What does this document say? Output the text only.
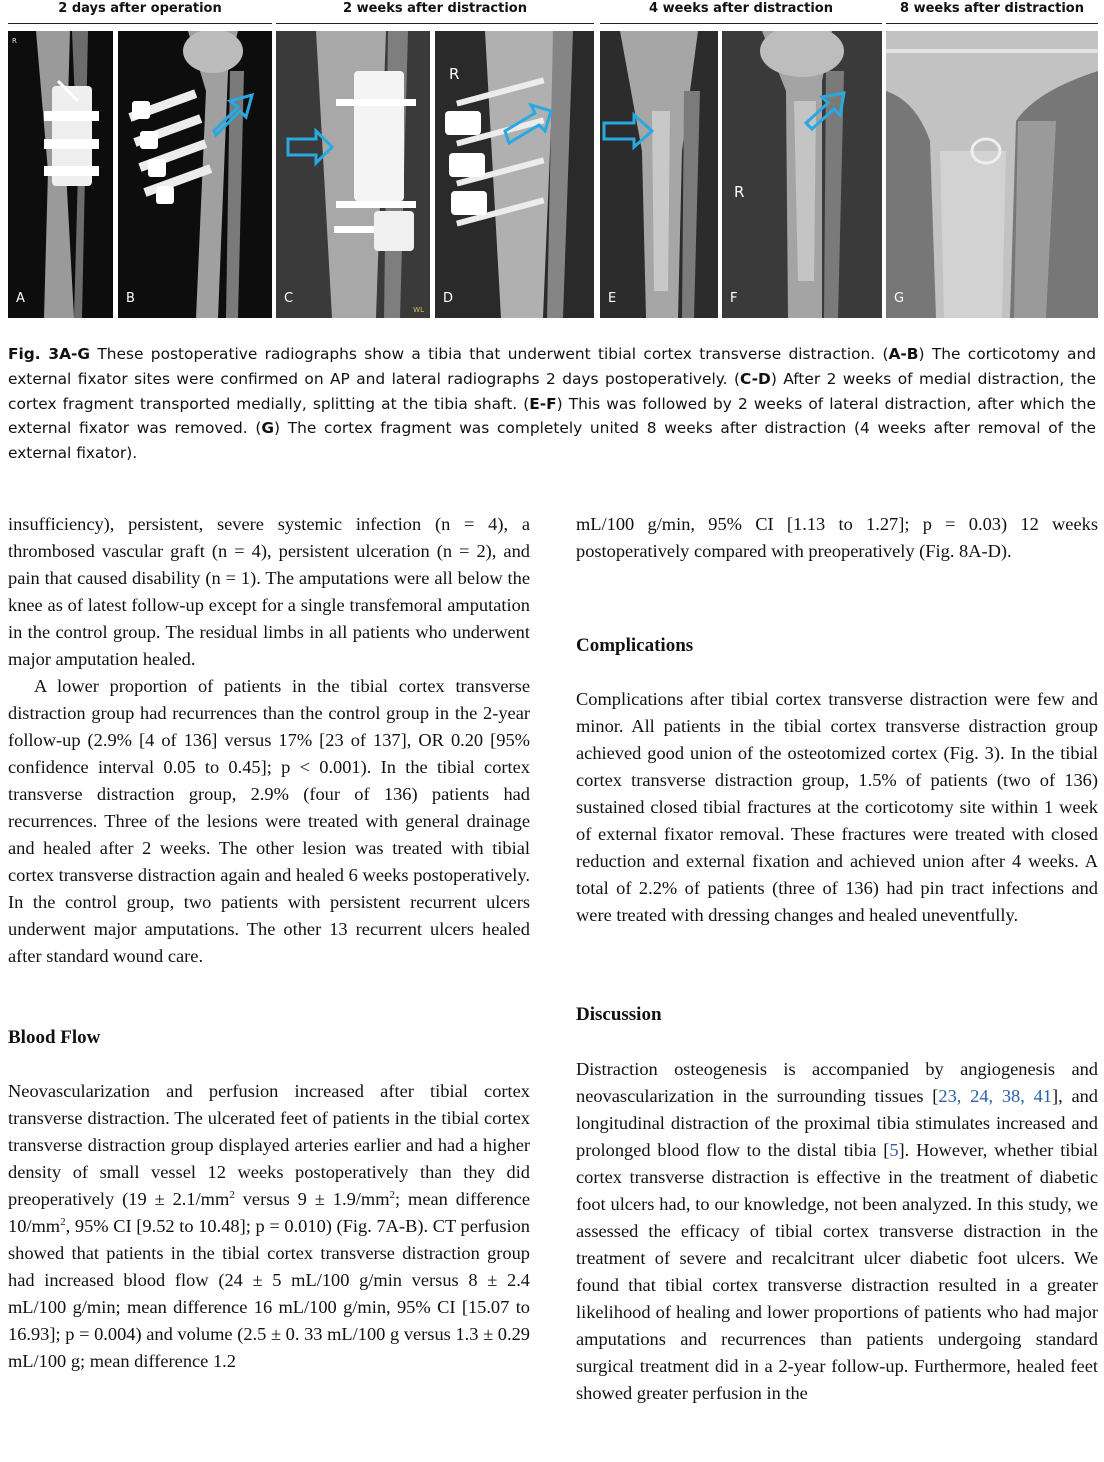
2 days after operation	2 weeks after distraction	4 weeks after distraction	8 weeks after distraction
R
A	B
WL
C
R
D	E
R
F	G
Fig. 3A-G These postoperative radiographs show a tibia that underwent tibial cortex transverse distraction. (A-B) The corticotomy and external fixator sites were confirmed on AP and lateral radiographs 2 days postoperatively. (C-D) After 2 weeks of medial distraction, the cortex fragment transported medially, splitting at the tibia shaft. (E-F) This was followed by 2 weeks of lateral distraction, after which the external fixator was removed. (G) The cortex fragment was completely united 8 weeks after distraction (4 weeks after removal of the external fixator).

insufficiency), persistent, severe systemic infection (n = 4), a thrombosed vascular graft (n = 4), persistent ulceration (n = 2), and pain that caused disability (n = 1). The amputations were all below the knee as of latest follow-up except for a single transfemoral amputation in the control group. The residual limbs in all patients who underwent major amputation healed.

A lower proportion of patients in the tibial cortex transverse distraction group had recurrences than the control group in the 2-year follow-up (2.9% [4 of 136] versus 17% [23 of 137], OR 0.20 [95% confidence interval 0.05 to 0.45]; p < 0.001). In the tibial cortex transverse distraction group, 2.9% (four of 136) patients had recurrences. Three of the lesions were treated with general drainage and healed after 2 weeks. The other lesion was treated with tibial cortex transverse distraction again and healed 6 weeks postoperatively. In the control group, two patients with persistent recurrent ulcers underwent major amputations. The other 13 recurrent ulcers healed after standard wound care.

Blood Flow

Neovascularization and perfusion increased after tibial cortex transverse distraction. The ulcerated feet of patients in the tibial cortex transverse distraction group displayed arteries earlier and had a higher density of small vessel 12 weeks postoperatively than they did preoperatively ($19 \pm 2.1/mm^2$ versus $9 \pm 1.9/mm^2$; mean difference $10/mm^2$, 95% CI [9.52 to 10.48]; p = 0.010) (Fig. 7A-B). CT perfusion showed that patients in the tibial cortex transverse distraction group had increased blood flow (24 ± 5 mL/100 g/min versus 8 ± 2.4 mL/100 g/min; mean difference 16 mL/100 g/min, 95% CI [15.07 to 16.93]; p = 0.004) and volume (2.5 ± 0. 33 mL/100 g versus 1.3 ± 0.29 mL/100 g; mean difference 1.2

mL/100 g/min, 95% CI [1.13 to 1.27]; p = 0.03) 12 weeks postoperatively compared with preoperatively (Fig. 8A-D).

Complications

Complications after tibial cortex transverse distraction were few and minor. All patients in the tibial cortex transverse distraction group achieved good union of the osteotomized cortex (Fig. 3). In the tibial cortex transverse distraction group, 1.5% of patients (two of 136) sustained closed tibial fractures at the corticotomy site within 1 week of external fixator removal. These fractures were treated with closed reduction and external fixation and achieved union after 4 weeks. A total of 2.2% of patients (three of 136) had pin tract infections and were treated with dressing changes and healed uneventfully.

Discussion

Distraction osteogenesis is accompanied by angiogenesis and neovascularization in the surrounding tissues [23, 24, 38, 41], and longitudinal distraction of the proximal tibia stimulates increased and prolonged blood flow to the distal tibia [5]. However, whether tibial cortex transverse distraction is effective in the treatment of diabetic foot ulcers had, to our knowledge, not been analyzed. In this study, we assessed the efficacy of tibial cortex transverse distraction in the treatment of severe and recalcitrant ulcer diabetic foot ulcers. We found that tibial cortex transverse distraction resulted in a greater likelihood of healing and lower proportions of patients who had major amputations and recurrences than patients undergoing standard surgical treatment did in a 2-year follow-up. Furthermore, healed feet showed greater perfusion in the
